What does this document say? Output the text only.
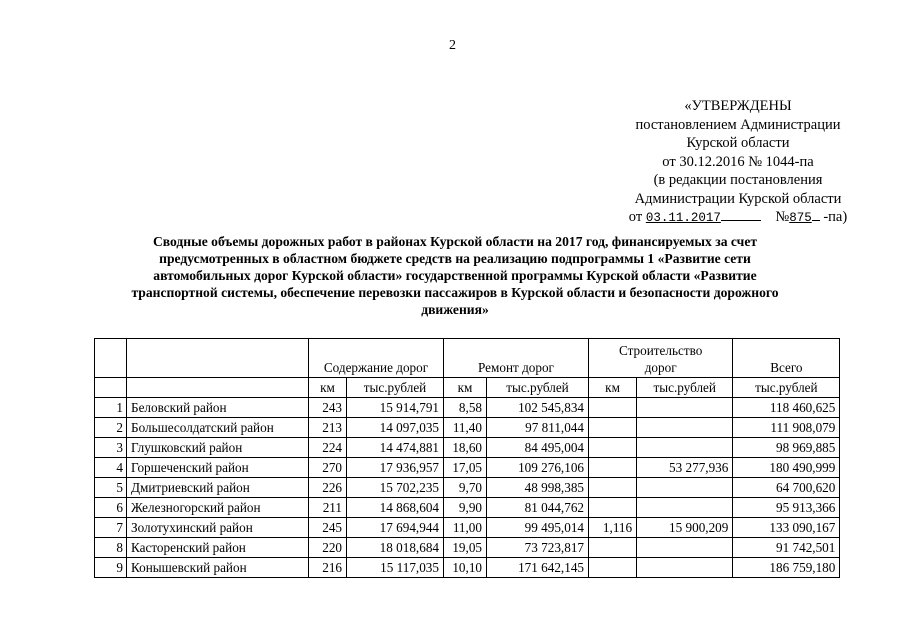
2
«УТВЕРЖДЕНЫ
постановлением Администрации
Курской области
от 30.12.2016 № 1044-па
(в редакции постановления
Администрации Курской области
от 03.11.2017	№875 -па)
Сводные объемы дорожных работ в районах Курской области на 2017 год, финансируемых за счет предусмотренных в областном бюджете средств на реализацию подпрограммы 1 «Развитие сети автомобильных дорог Курской области» государственной программы Курской области «Развитие транспортной системы, обеспечение перевозки пассажиров в Курской области и безопасности дорожного движения»
		Содержание дорог		Ремонт дорог		Строительство дорог		Всего
		км	тыс.рублей	км	тыс.рублей	км	тыс.рублей	тыс.рублей
1	Беловский район	243	15 914,791	8,58	102 545,834			118 460,625
2	Большесолдатский район	213	14 097,035	11,40	97 811,044			111 908,079
3	Глушковский район	224	14 474,881	18,60	84 495,004			98 969,885
4	Горшеченский район	270	17 936,957	17,05	109 276,106		53 277,936	180 490,999
5	Дмитриевский район	226	15 702,235	9,70	48 998,385			64 700,620
6	Железногорский район	211	14 868,604	9,90	81 044,762			95 913,366
7	Золотухинский район	245	17 694,944	11,00	99 495,014	1,116	15 900,209	133 090,167
8	Касторенский район	220	18 018,684	19,05	73 723,817			91 742,501
9	Конышевский район	216	15 117,035	10,10	171 642,145			186 759,180
